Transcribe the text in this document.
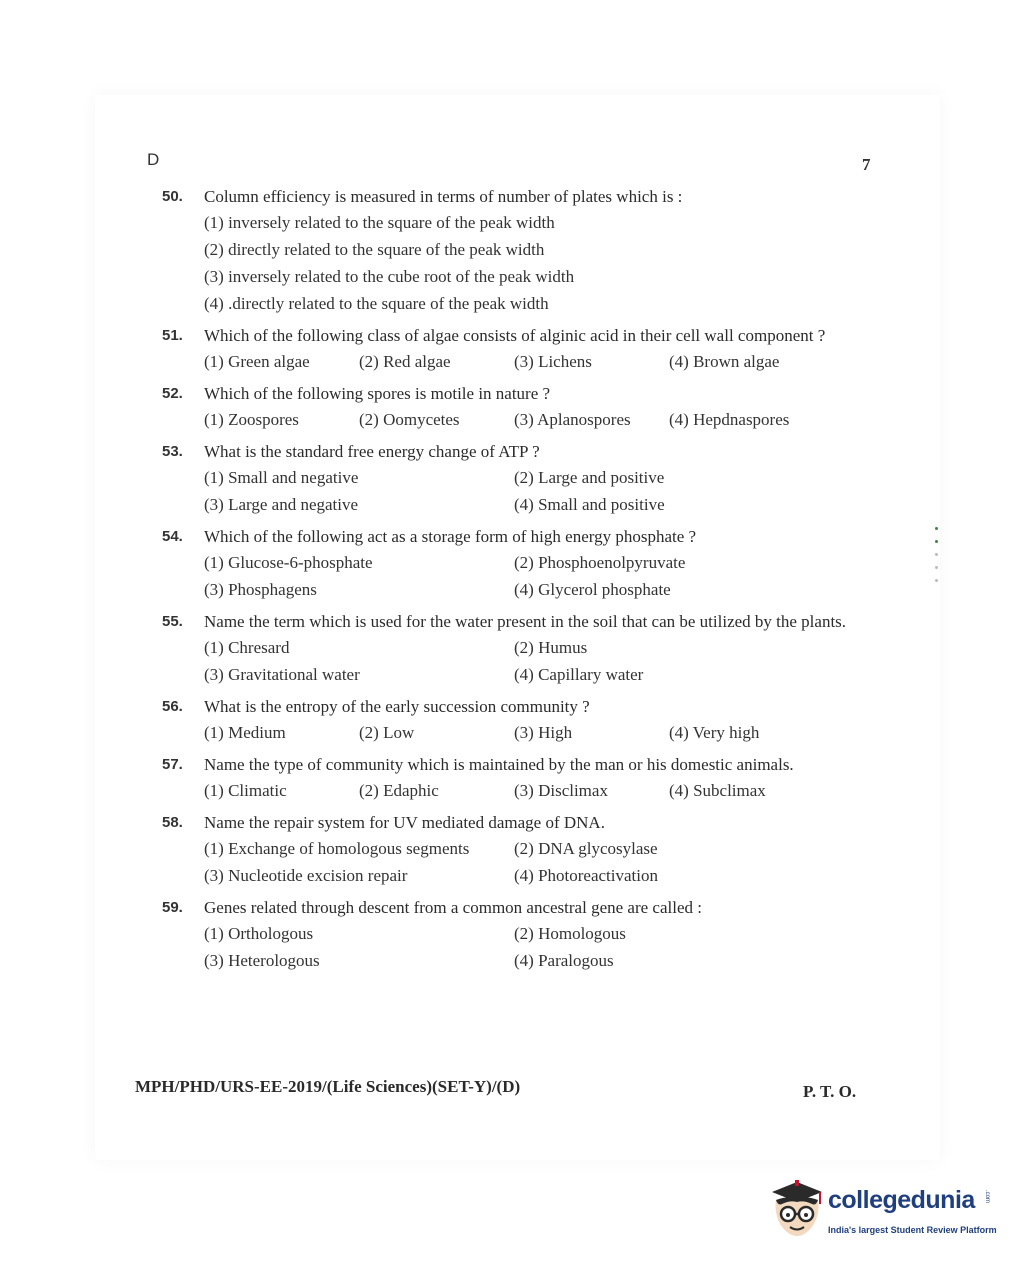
D	7
50. Column efficiency is measured in terms of number of plates which is :
(1) inversely related to the square of the peak width
(2) directly related to the square of the peak width
(3) inversely related to the cube root of the peak width
(4) .directly related to the square of the peak width
51. Which of the following class of algae consists of alginic acid in their cell wall component ?
(1) Green algae	(2) Red algae	(3) Lichens	(4) Brown algae
52. Which of the following spores is motile in nature ?
(1) Zoospores	(2) Oomycetes	(3) Aplanospores	(4) Hepdnaspores
53. What is the standard free energy change of ATP ?
(1) Small and negative	(2) Large and positive
(3) Large and negative	(4) Small and positive
54. Which of the following act as a storage form of high energy phosphate ?
(1) Glucose-6-phosphate	(2) Phosphoenolpyruvate
(3) Phosphagens	(4) Glycerol phosphate
55. Name the term which is used for the water present in the soil that can be utilized by the plants.
(1) Chresard	(2) Humus
(3) Gravitational water	(4) Capillary water
56. What is the entropy of the early succession community ?
(1) Medium	(2) Low	(3) High	(4) Very high
57. Name the type of community which is maintained by the man or his domestic animals.
(1) Climatic	(2) Edaphic	(3) Disclimax	(4) Subclimax
58. Name the repair system for UV mediated damage of DNA.
(1) Exchange of homologous segments	(2) DNA glycosylase
(3) Nucleotide excision repair	(4) Photoreactivation
59. Genes related through descent from a common ancestral gene are called :
(1) Orthologous	(2) Homologous
(3) Heterologous	(4) Paralogous
MPH/PHD/URS-EE-2019/(Life Sciences)(SET-Y)/(D)	P. T. O.
collegedunia .com
India's largest Student Review Platform
